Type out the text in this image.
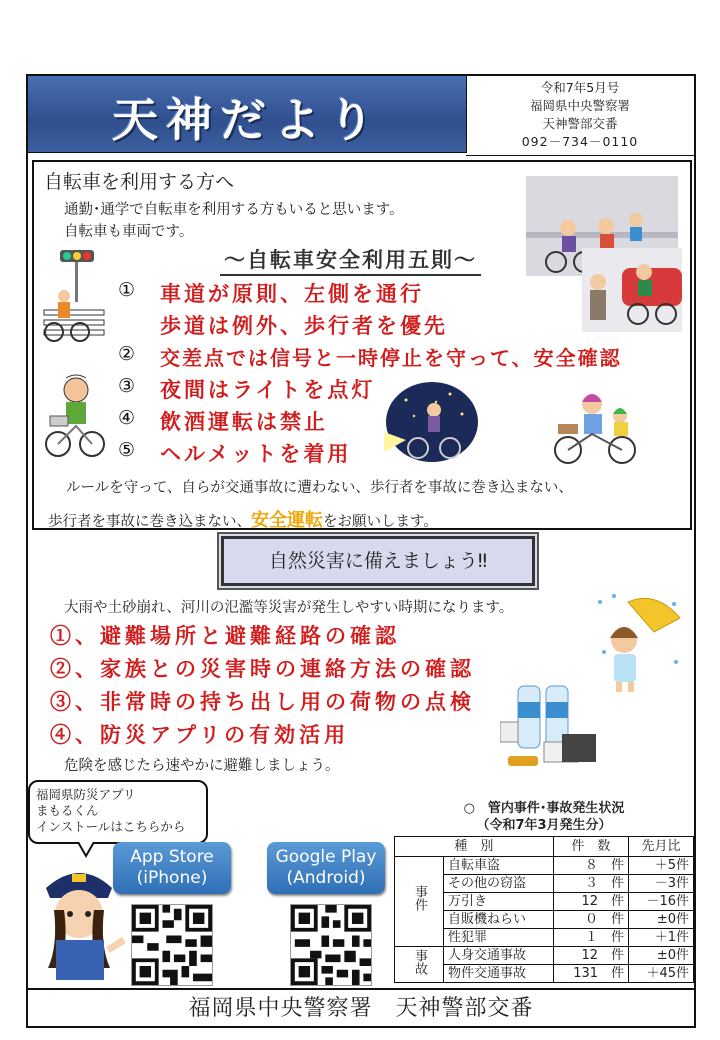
天神だより
令和7年5月号
福岡県中央警察署
天神警部交番
092－734－0110
自転車を利用する方へ
通勤･通学で自転車を利用する方もいると思います。
自転車も車両です。
～自転車安全利用五則～
① 車道が原則、左側を通行
歩道は例外、歩行者を優先
② 交差点では信号と一時停止を守って、安全確認
③ 夜間はライトを点灯
④ 飲酒運転は禁止
⑤ ヘルメットを着用
ルールを守って、自らが交通事故に遭わない、歩行者を事故に巻き込まない、
歩行者を事故に巻き込まない、安全運転をお願いします。
自然災害に備えましょう‼
大雨や土砂崩れ、河川の氾濫等災害が発生しやすい時期になります。
①、避難場所と避難経路の確認
②、家族との災害時の連絡方法の確認
③、非常時の持ち出し用の荷物の点検
④、防災アプリの有効活用
危険を感じたら速やかに避難しましょう。
福岡県防災アプリ
まもるくん
インストールはこちらから
App Store
(iPhone)
Google Play
(Android)
○　管内事件･事故発生状況
（令和7年3月発生分）
種　別		件　数	先月比
事件	自転車盗	８　件	＋5件
	その他の窃盗	３　件	－3件
	万引き	12　件	－16件
	自販機ねらい	０　件	±0件
	性犯罪	１　件	＋1件
事故	人身交通事故	12　件	±0件
	物件交通事故	131　件	＋45件
福岡県中央警察署　天神警部交番
